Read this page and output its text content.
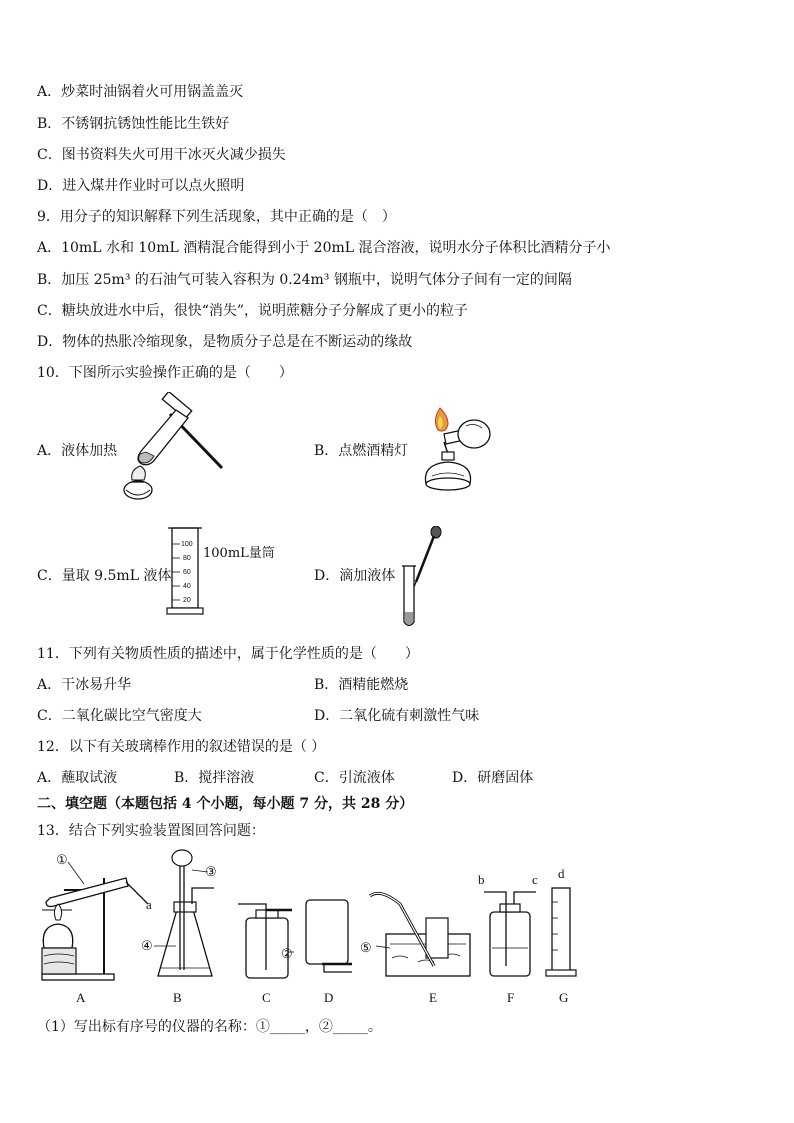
A．炒菜时油锅着火可用锅盖盖灭
B．不锈钢抗锈蚀性能比生铁好
C．图书资料失火可用干冰灭火减少损失
D．进入煤井作业时可以点火照明
9．用分子的知识解释下列生活现象，其中正确的是（　）
A．10mL 水和 10mL 酒精混合能得到小于 20mL 混合溶液，说明水分子体积比酒精分子小
B．加压 25m³ 的石油气可装入容积为 0.24m³ 钢瓶中，说明气体分子间有一定的间隔
C．糖块放进水中后，很快“消失”，说明蔗糖分子分解成了更小的粒子
D．物体的热胀冷缩现象，是物质分子总是在不断运动的缘故
10．下图所示实验操作正确的是（　　）
A．液体加热	B．点燃酒精灯
C．量取 9.5mL 液体	D．滴加液体
100
80
60
40
20
100mL量筒
11．下列有关物质性质的描述中，属于化学性质的是（　　）
A．干冰易升华	B．酒精能燃烧
C．二氧化碳比空气密度大	D．二氧化硫有刺激性气味
12．以下有关玻璃棒作用的叙述错误的是（ ）
A．蘸取试液	B．搅拌溶液	C．引流液体	D．研磨固体
二、填空题（本题包括 4 个小题，每小题 7 分，共 28 分）
13．结合下列实验装置图回答问题：
①
②
③
④	⑤
a
b	c d
A	B	C	D	E	F	G
（1）写出标有序号的仪器的名称：①_____，②_____。
